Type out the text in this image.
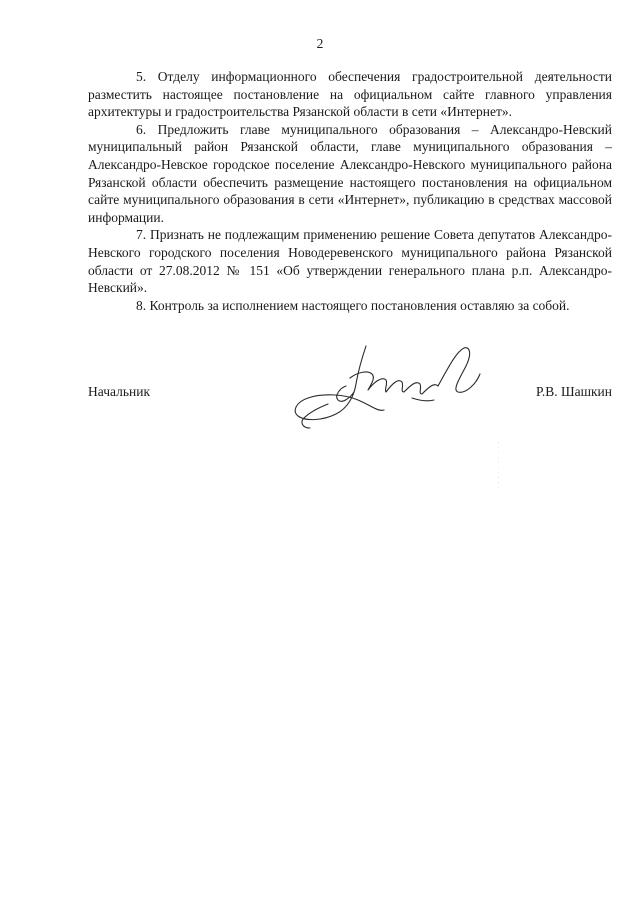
2

5. Отделу информационного обеспечения градостроительной деятельности разместить настоящее постановление на официальном сайте главного управления архитектуры и градостроительства Рязанской области в сети «Интернет».

6. Предложить главе муниципального образования – Александро-Невский муниципальный район Рязанской области, главе муниципального образования – Александро-Невское городское поселение Александро-Невского муниципального района Рязанской области обеспечить размещение настоящего постановления на официальном сайте муниципального образования в сети «Интернет», публикацию в средствах массовой информации.

7. Признать не подлежащим применению решение Совета депутатов Александро-Невского городского поселения Новодеревенского муниципального района Рязанской области от 27.08.2012 № 151 «Об утверждении генерального плана р.п. Александро-Невский».

8. Контроль за исполнением настоящего постановления оставляю за собой.

Начальник	Р.В. Шашкин
